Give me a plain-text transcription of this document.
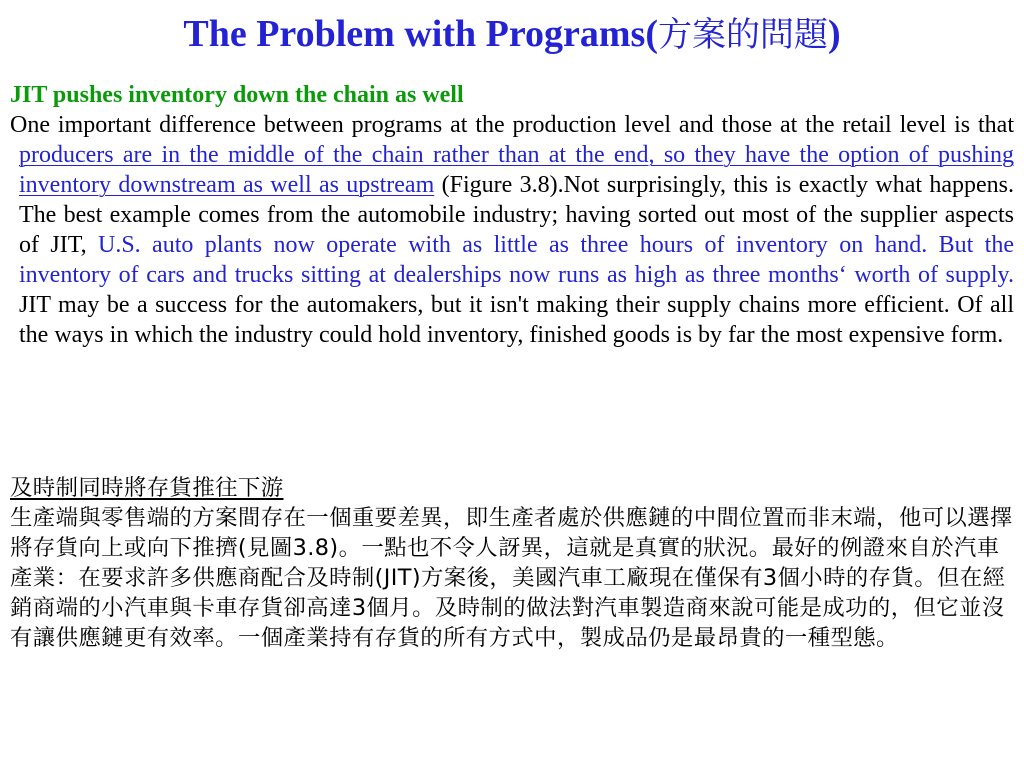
The Problem with Programs(方案的問題)
JIT pushes inventory down the chain as well

One important difference between programs at the production level and those at the retail level is that producers are in the middle of the chain rather than at the end, so they have the option of pushing inventory downstream as well as upstream (Figure 3.8).Not surprisingly, this is exactly what happens. The best example comes from the automobile industry; having sorted out most of the supplier aspects of JIT, U.S. auto plants now operate with as little as three hours of inventory on hand. But the inventory of cars and trucks sitting at dealerships now runs as high as three months‘ worth of supply. JIT may be a success for the automakers, but it isn't making their supply chains more efficient. Of all the ways in which the industry could hold inventory, finished goods is by far the most expensive form.

及時制同時將存貨推往下游

生產端與零售端的方案間存在一個重要差異，即生產者處於供應鏈的中間位置而非末端，他可以選擇將存貨向上或向下推擠(見圖3.8)。一點也不令人訝異，這就是真實的狀況。最好的例證來自於汽車產業：在要求許多供應商配合及時制(JIT)方案後，美國汽車工廠現在僅保有3個小時的存貨。但在經銷商端的小汽車與卡車存貨卻高達3個月。及時制的做法對汽車製造商來說可能是成功的，但它並沒有讓供應鏈更有效率。一個產業持有存貨的所有方式中，製成品仍是最昂貴的一種型態。
